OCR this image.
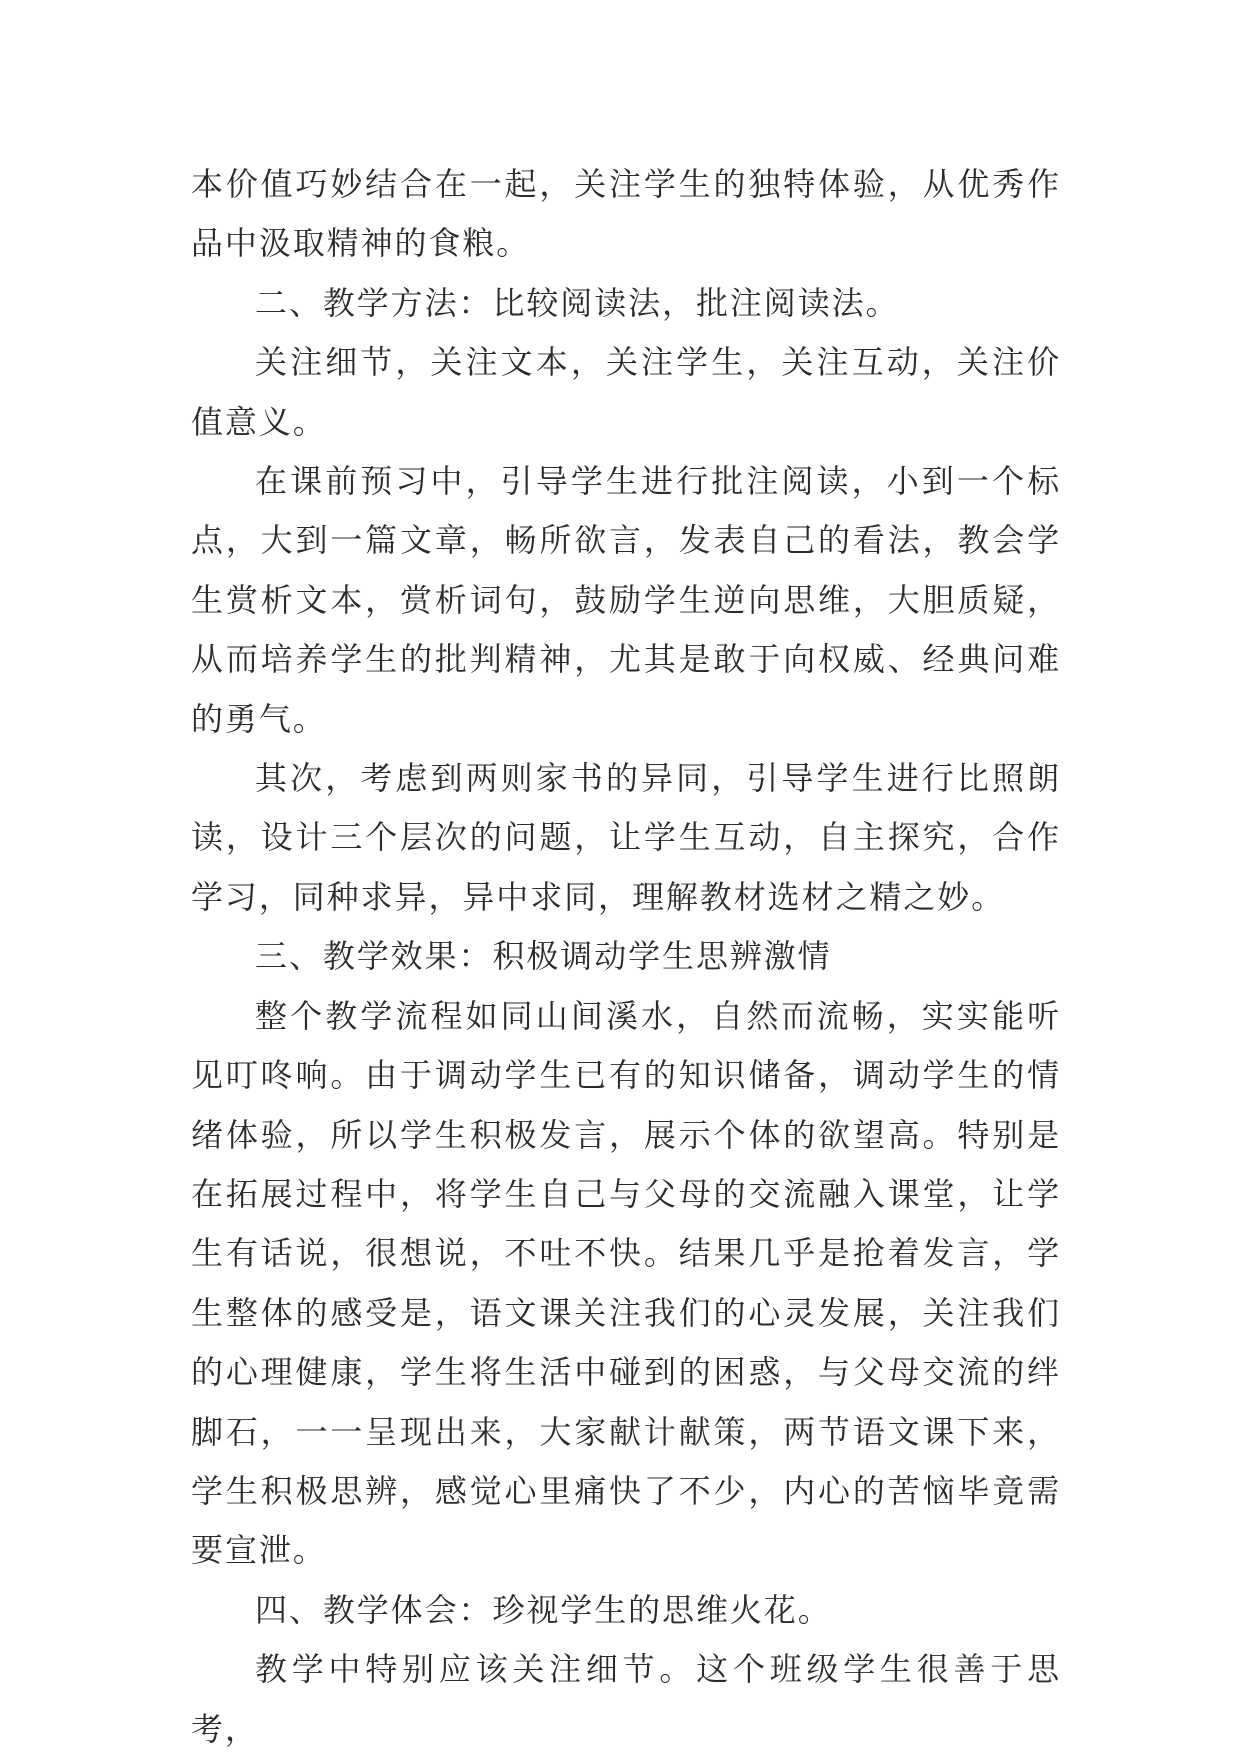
本价值巧妙结合在一起，关注学生的独特体验，从优秀作品中汲取精神的食粮。

二、教学方法：比较阅读法，批注阅读法。

关注细节，关注文本，关注学生，关注互动，关注价值意义。

在课前预习中，引导学生进行批注阅读，小到一个标点，大到一篇文章，畅所欲言，发表自己的看法，教会学生赏析文本，赏析词句，鼓励学生逆向思维，大胆质疑，从而培养学生的批判精神，尤其是敢于向权威、经典问难的勇气。

其次，考虑到两则家书的异同，引导学生进行比照朗读，设计三个层次的问题，让学生互动，自主探究，合作学习，同种求异，异中求同，理解教材选材之精之妙。

三、教学效果：积极调动学生思辨激情

整个教学流程如同山间溪水，自然而流畅，实实能听见叮咚响。由于调动学生已有的知识储备，调动学生的情绪体验，所以学生积极发言，展示个体的欲望高。特别是在拓展过程中，将学生自己与父母的交流融入课堂，让学生有话说，很想说，不吐不快。结果几乎是抢着发言，学生整体的感受是，语文课关注我们的心灵发展，关注我们的心理健康，学生将生活中碰到的困惑，与父母交流的绊脚石，一一呈现出来，大家献计献策，两节语文课下来，学生积极思辨，感觉心里痛快了不少，内心的苦恼毕竟需要宣泄。

四、教学体会：珍视学生的思维火花。

教学中特别应该关注细节。这个班级学生很善于思考，
